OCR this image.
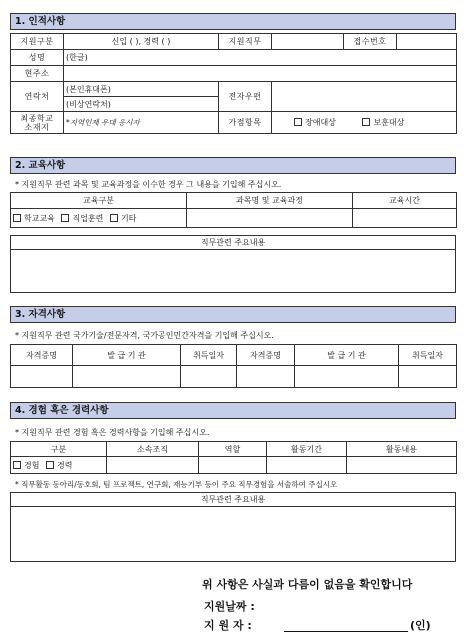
1. 인적사항
지원구분	신입 ( ), 경력 ( )	지원직무		접수번호	
성명	(한글)				
현주소					
연락처	(본인휴대폰)	전자우편			
	(비상연락처)				

최종학교
소재지	*지역인재 우대 응시자	가점항목	장애대상 보훈대상		
2. 교육사항
* 지원직무 관련 과목 및 교육과정을 이수한 경우 그 내용을 기입해 주십시오.
교육구분	과목명 및 교육과정	교육시간
학교교육 직업훈련 기타		
직무관련 주요내용

3. 자격사항
* 지원직무 관련 국가기술/전문자격, 국가공인민간자격을 기입해 주십시오.
자격증명	발 급 기 관	취득일자	자격증명	발 급 기 관	취득일자

4. 경험 혹은 경력사항
* 지원직무 관련 경험 혹은 경력사항을 기입해 주십시오.
구분	소속조직	역할	활동기간	활동내용
경험 경력				
* 직무활동 동아리/동호회, 팀 프로젝트, 연구회, 재능기부 등이 주요 직무경험을 서술하여 주십시오
직무관련 주요내용

위 사항은 사실과 다름이 없음을 확인합니다
지원날짜 :
지 원 자 :	(인)
